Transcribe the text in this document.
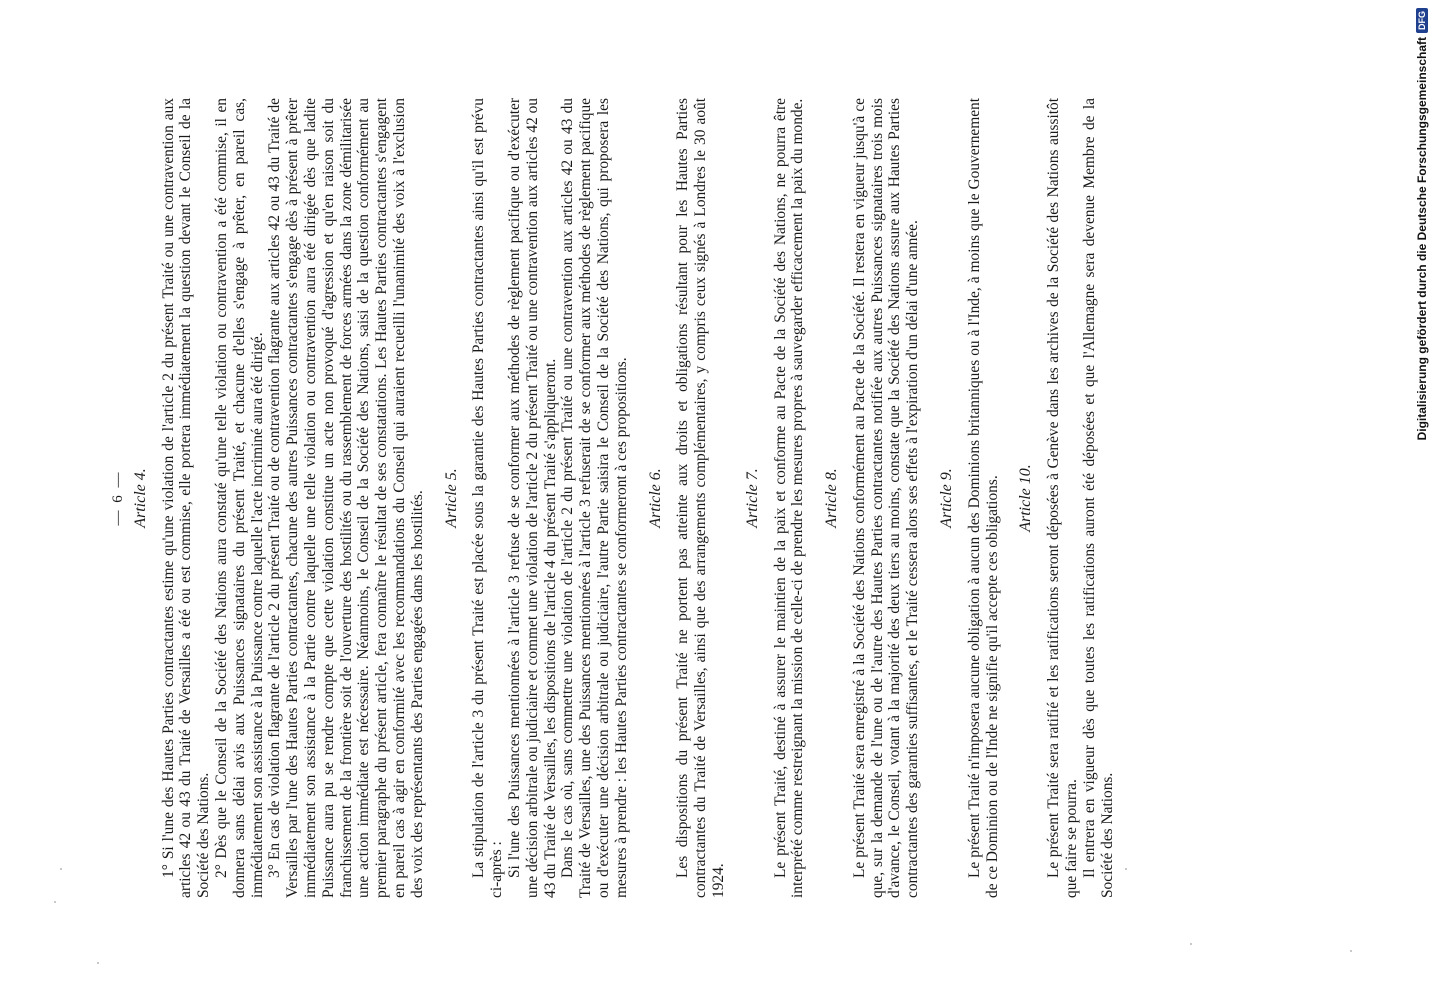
— 6 — Article 4. 1° Si l'une des Hautes Parties contractantes estime qu'une violation de l'article 2 du présent Traité ou une contravention aux articles 42 ou 43 du Traité de Versailles a été ou est commise, elle portera immédiatement la question devant le Conseil de la Société des Nations. 2° Dès que le Conseil de la Société des Nations aura constaté qu'une telle violation ou contravention a été commise, il en donnera sans délai avis aux Puissances signataires du présent Traité, et chacune d'elles s'engage à prêter, en pareil cas, immédiatement son assistance à la Puissance contre laquelle l'acte incriminé aura été dirigé. 3° En cas de violation flagrante de l'article 2 du présent Traité ou de contravention flagrante aux articles 42 ou 43 du Traité de Versailles par l'une des Hautes Parties contractantes, chacune des autres Puissances contractantes s'engage dès à présent à prêter immédiatement son assistance à la Partie contre laquelle une telle violation ou contravention aura été dirigée dès que ladite Puissance aura pu se rendre compte que cette violation constitue un acte non provoqué d'agression et qu'en raison soit du franchissement de la frontière soit de l'ouverture des hostilités ou du rassemblement de forces armées dans la zone démilitarisée une action immédiate est nécessaire. Néanmoins, le Conseil de la Société des Nations, saisi de la question conformément au premier paragraphe du présent article, fera connaître le résultat de ses constatations. Les Hautes Parties contractantes s'engagent en pareil cas à agir en conformité avec les recommandations du Conseil qui auraient recueilli l'unanimité des voix à l'exclusion des voix des représentants des Parties engagées dans les hostilités. Article 5. La stipulation de l'article 3 du présent Traité est placée sous la garantie des Hautes Parties contractantes ainsi qu'il est prévu ci-après : Si l'une des Puissances mentionnées à l'article 3 refuse de se conformer aux méthodes de règlement pacifique ou d'exécuter une décision arbitrale ou judiciaire et commet une violation de l'article 2 du présent Traité ou une contravention aux articles 42 ou 43 du Traité de Versailles, les dispositions de l'article 4 du présent Traité s'appliqueront. Dans le cas où, sans commettre une violation de l'article 2 du présent Traité ou une contravention aux articles 42 ou 43 du Traité de Versailles, une des Puissances mentionnées à l'article 3 refuserait de se conformer aux méthodes de règlement pacifique ou d'exécuter une décision arbitrale ou judiciaire, l'autre Partie saisira le Conseil de la Société des Nations, qui proposera les mesures à prendre : les Hautes Parties contractantes se conformeront à ces propositions. Article 6. Les dispositions du présent Traité ne portent pas atteinte aux droits et obligations résultant pour les Hautes Parties contractantes du Traité de Versailles, ainsi que des arrangements complémentaires, y compris ceux signés à Londres le 30 août 1924.

Article 7. Le présent Traité, destiné à assurer le maintien de la paix et conforme au Pacte de la Société des Nations, ne pourra être interprété comme restreignant la mission de celle-ci de prendre les mesures propres à sauvegarder efficacement la paix du monde. Article 8. Le présent Traité sera enregistré à la Société des Nations conformément au Pacte de la Société. Il restera en vigueur jusqu'à ce que, sur la demande de l'une ou de l'autre des Hautes Parties contractantes notifiée aux autres Puissances signataires trois mois d'avance, le Conseil, votant à la majorité des deux tiers au moins, constate que la Société des Nations assure aux Hautes Parties contractantes des garanties suffisantes, et le Traité cessera alors ses effets à l'expiration d'un délai d'une année. Article 9. Le présent Traité n'imposera aucune obligation à aucun des Dominions britanniques ou à l'Inde, à moins que le Gouvernement de ce Dominion ou de l'Inde ne signifie qu'il accepte ces obligations. Article 10. Le présent Traité sera ratifié et les ratifications seront déposées à Genève dans les archives de la Société des Nations aussitôt que faire se pourra. Il entrera en vigueur dès que toutes les ratifications auront été déposées et que l'Allemagne sera devenue Membre de la Société des Nations.

Digitalisierung gefördert durch die Deutsche Forschungsgemeinschaft
DFG
